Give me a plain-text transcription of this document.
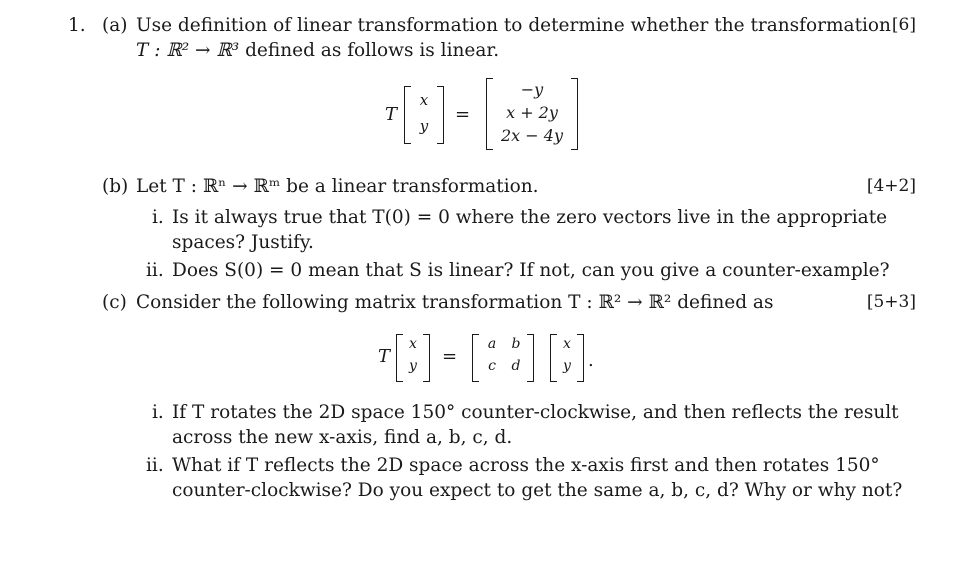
1. (a) Use definition of linear transformation to determine whether the transformation [6]
T : ℝ² → ℝ³ defined as follows is linear.
T
x
y
=
−y
x + 2y
2x − 4y
(b) Let T : ℝⁿ → ℝᵐ be a linear transformation.	[4+2]
i. Is it always true that T(0) = 0 where the zero vectors live in the appropriate
spaces? Justify.
ii. Does S(0) = 0 mean that S is linear? If not, can you give a counter-example?
(c) Consider the following matrix transformation T : ℝ² → ℝ² defined as	[5+3]
T
x
y	=
a	b
c	d
x
y .
i. If T rotates the 2D space 150° counter-clockwise, and then reflects the result
across the new x-axis, find a, b, c, d.
ii. What if T reflects the 2D space across the x-axis first and then rotates 150°
counter-clockwise? Do you expect to get the same a, b, c, d? Why or why not?
